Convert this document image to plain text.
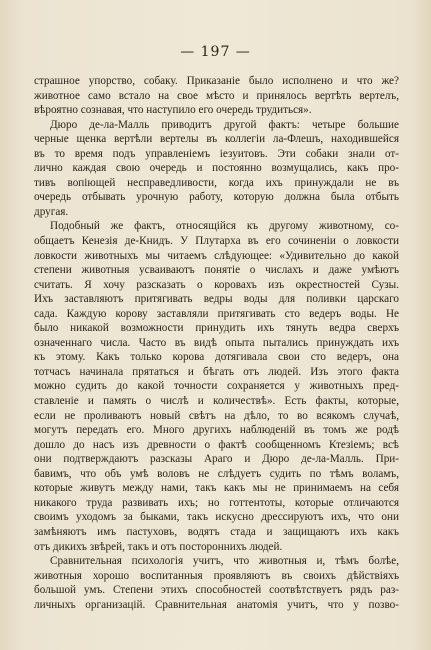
— 197 —
страшное упорство, собаку. Приказаніе было исполнено и что же?
животное само встало на свое мѣсто и принялось вертѣть вертелъ,
вѣроятно сознавая, что наступило его очередь трудиться».
Дюро де-ла-Малль приводитъ другой фактъ: четыре большие
черные щенка вертѣли вертелы въ коллегіи ла-Флешъ, находившейся
въ то время подъ управленіемъ іезуитовъ. Эти собаки знали от-
лично каждая свою очередь и постоянно возмущались, какъ про-
тивъ вопіющей несправедливости, когда ихъ принуждали не въ
очередь отбывать урочную работу, которую должна была отбыть
другая.
Подобный же фактъ, относящійся къ другому животному, со-
общаетъ Кенезія де-Книдъ. У Плутарха въ его сочиненіи о ловкости
ловкости животныхъ мы читаемъ слѣдующее: «Удивительно до какой
степени животныя усваиваютъ понятіе о числахъ и даже умѣютъ
считать. Я хочу разсказать о коровахъ изъ окрестностей Сузы.
Ихъ заставляютъ притягивать ведры воды для поливки царскаго
сада. Каждую корову заставляли притягивать сто ведеръ воды. Не
было никакой возможности принудить ихъ тянуть ведра сверхъ
означеннаго числа. Часто въ видѣ опыта пытались принуждать ихъ
къ этому. Какъ только корова дотягивала свои сто ведеръ, она
тотчасъ начинала прятаться и бѣгать отъ людей. Изъ этого факта
можно судить до какой точности сохраняется у животныхъ пред-
ставленіе и память о числѣ и количествѣ». Есть факты, которые,
если не проливаютъ новый свѣтъ на дѣло, то во всякомъ случаѣ,
могутъ передать его. Много другихъ наблюденій въ томъ же родѣ
дошло до насъ изъ древности о фактѣ сообщенномъ Ктезіемъ; всѣ
они подтверждаютъ разсказы Араго и Дюро де-ла-Малль. При-
бавимъ, что объ умѣ воловъ не слѣдуетъ судить по тѣмъ воламъ,
которые живутъ между нами, такъ какъ мы не принимаемъ на себя
никакого труда развивать ихъ; но готтентоты, которые отличаются
своимъ уходомъ за быками, такъ искусно дрессируютъ ихъ, что они
замѣняютъ имъ пастуховъ, водятъ стада и защищаютъ ихъ какъ
отъ дикихъ звѣрей, такъ и отъ постороннихъ людей.
Сравнительная психологія учитъ, что животныя и, тѣмъ болѣе,
животныя хорошо воспитанныя проявляютъ въ своихъ дѣйствіяхъ
большой умъ. Степени этихъ способностей соотвѣтствуетъ рядъ раз-
личныхъ организацій. Сравнительная анатомія учитъ, что у позво-
